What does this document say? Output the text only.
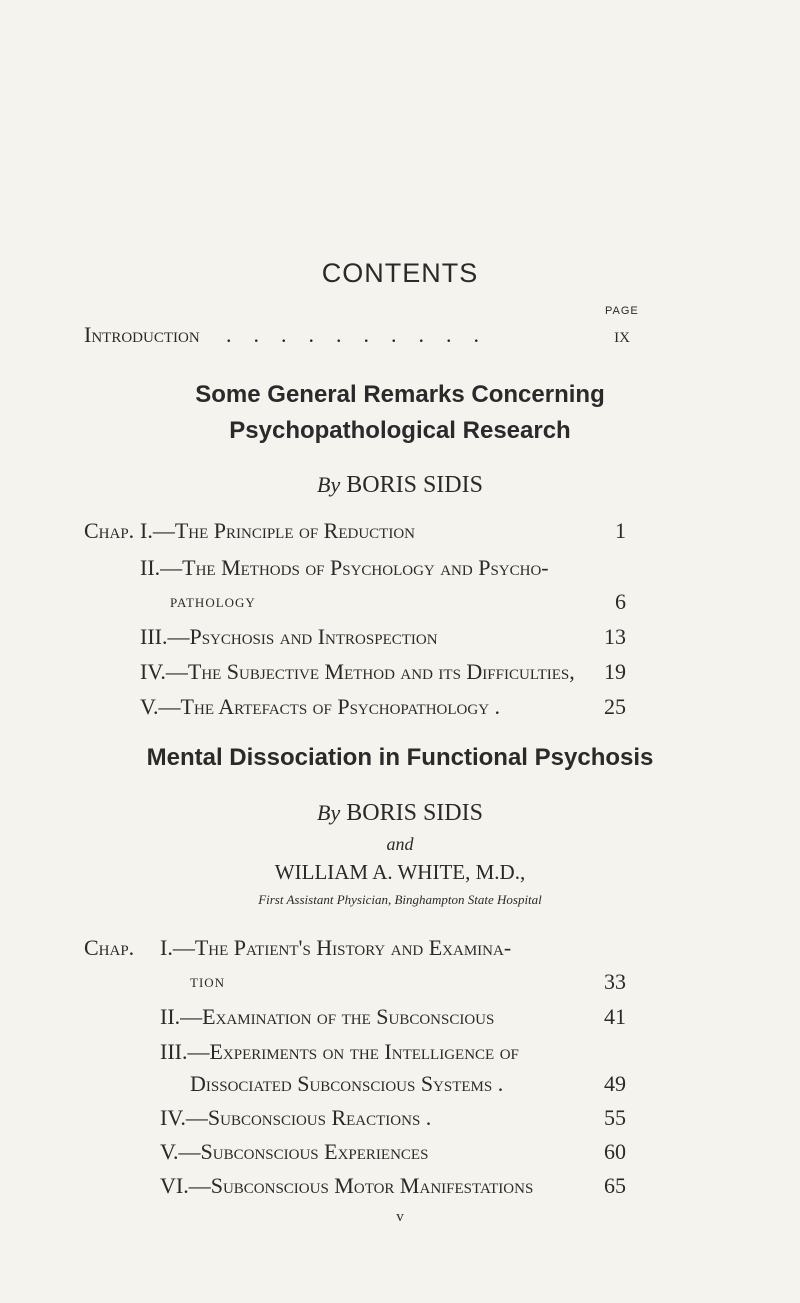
CONTENTS
PAGE
Introduction ..........	ix
Some General Remarks Concerning
Psychopathological Research
By BORIS SIDIS
Chap. I.—The Principle of Reduction	1
II.—The Methods of Psychology and Psycho-
pathology	6
III.—Psychosis and Introspection	13
IV.—The Subjective Method and its Difficulties, 19
V.—The Artefacts of Psychopathology .	25
Mental Dissociation in Functional Psychosis
By BORIS SIDIS
and
WILLIAM A. WHITE, M.D.,
First Assistant Physician, Binghampton State Hospital
Chap. I.—The Patient's History and Examina-
tion	33
II.—Examination of the Subconscious	41
III.—Experiments on the Intelligence of
Dissociated Subconscious Systems .	49
IV.—Subconscious Reactions .	55
V.—Subconscious Experiences	60
VI.—Subconscious Motor Manifestations	65
v
